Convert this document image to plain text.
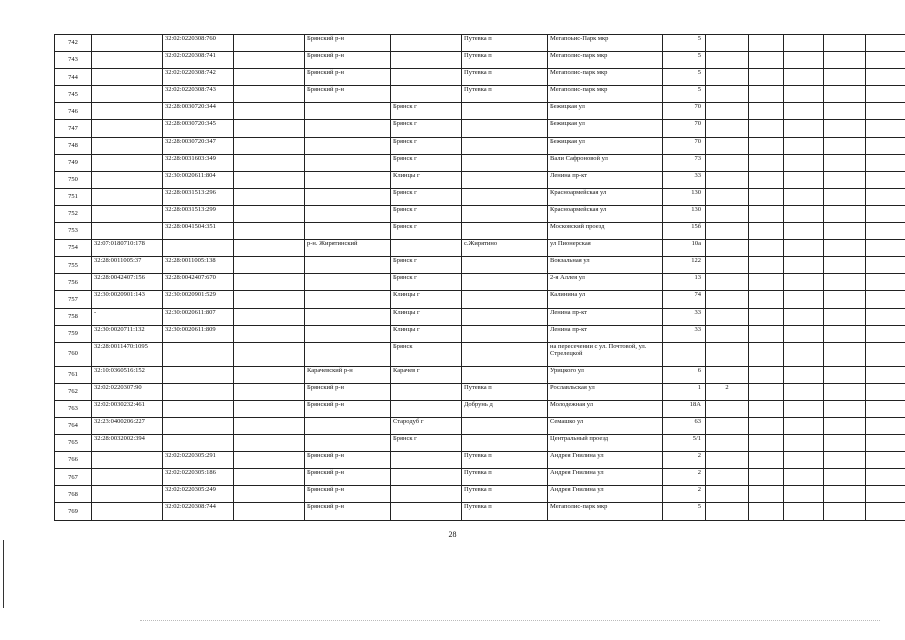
742		32:02:0220308:760		Брянский р-н		Путевка п	Мегапоьис-Парк мкр	5					
743		32:02:0220308:741		Брянский р-н		Путевка п	Мегаполис-парк мкр	5					
744		32:02:0220308:742		Брянский р-н		Путевка п	Мегаполис-парк мкр	5					
745		32:02:0220308:743		Брянский р-н		Путевка п	Мегаполис-парк мкр	5					
746		32:28:0030720:344			Брянск г		Бежицкая ул	70					
747		32:28:0030720:345			Брянск г		Бежицкая ул	70					
748		32:28:0030720:347			Брянск г		Бежицкая ул	70					
749		32:28:0031603:349			Брянск г		Вали Сафроновой ул	73					
750		32:30:0020611:804			Клинцы г		Ленина пр-кт	33					
751		32:28:0031513:296			Брянск г		Красноармейская ул	130					
752		32:28:0031513:299			Брянск г		Красноармейская ул	130					
753		32:28:0041504:351			Брянск г		Московский проезд	15б					
754	32:07:0180710:178			р-н. Жирятинский		с.Жирятино	ул Пионерская	10а					
755	32:28:0011005:37	32:28:0011005:138			Брянск г		Вокзальная ул	122					
756	32:28:0042407:156	32:28:0042407:670			Брянск г		2-я Аллея ул	13					
757	32:30:0020901:143	32:30:0020901:529			Клинцы г		Калинина ул	74					
758	-	32:30:0020611:807			Клинцы г		Ленина пр-кт	33					
759	32:30:0020711:132	32:30:0020611:809			Клинцы г		Ленина пр-кт	33					
760	32:28:0011470:1095				Брянск		на пересечении с ул. Почтовой, ул. Стрелецкой						
761	32:10:0360516:152			Карачевский р-н	Карачев г		Урицкого ул	6					
762	32:02:0220307:90			Брянский р-н		Путевка п	Рославльская ул	1	2				
763	32:02:0030232:461			Брянский р-н		Добрунь д	Молодежная ул	18А					
764	32:23:0400206:227				Стародуб г		Семашко ул	63					
765	32:28:0032002:394				Брянск г		Центральный проезд	5/1					
766		32:02:0220305:291		Брянский р-н		Путевка п	Андрея Гнилина ул	2					
767		32:02:0220305:186		Брянский р-н		Путевка п	Андрея Гнилина ул	2					
768		32:02:0220305:249		Брянский р-н		Путевка п	Андрея Гнилина ул	2					
769		32:02:0220308:744		Брянский р-н		Путевка п	Мегаполис-парк мкр	5					
28
